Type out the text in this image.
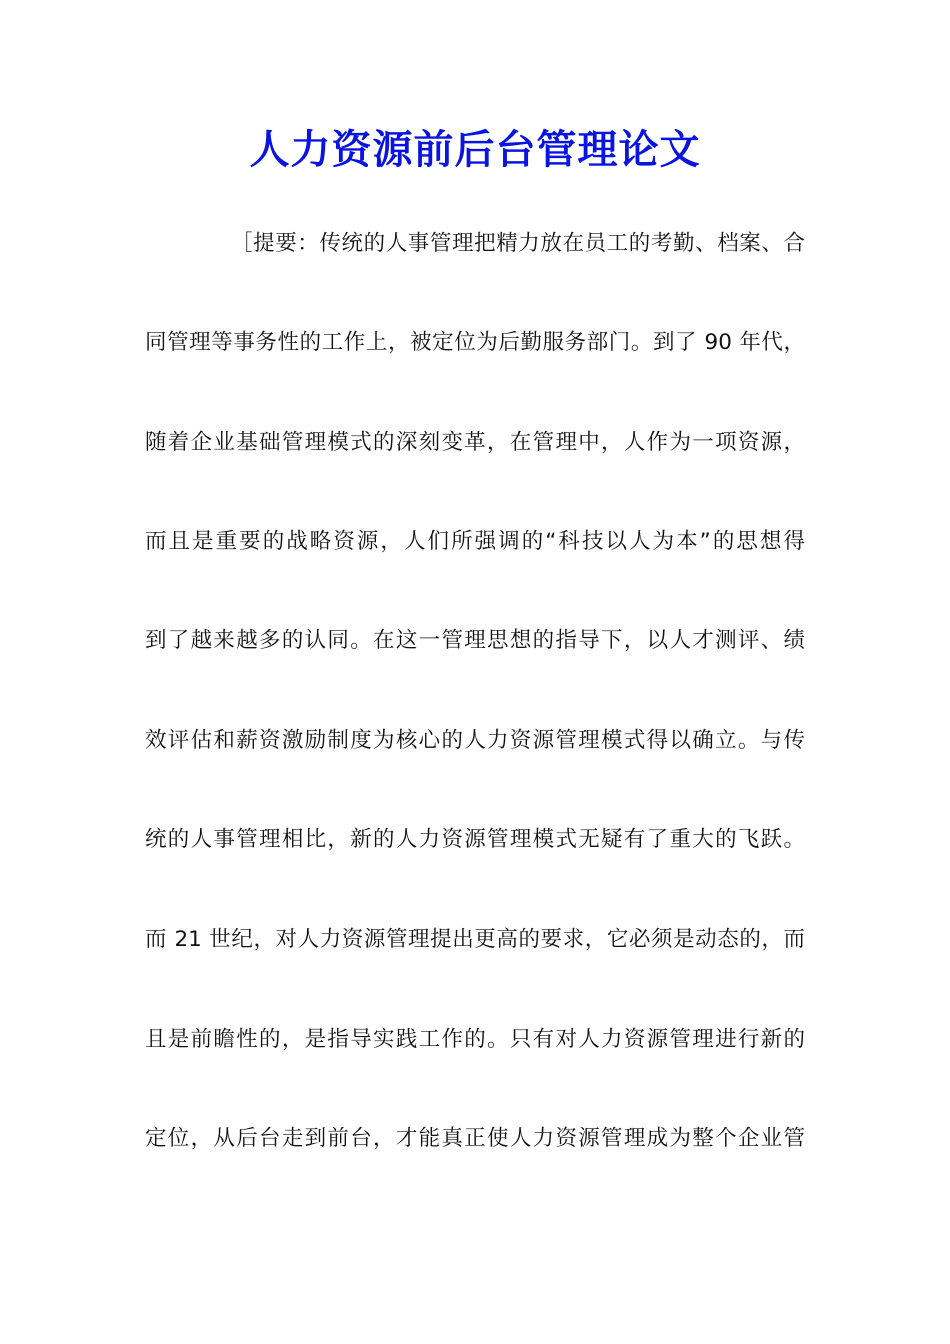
人力资源前后台管理论文
［提要：传统的人事管理把精力放在员工的考勤、档案、合
同管理等事务性的工作上，被定位为后勤服务部门。到了 90 年代，
随着企业基础管理模式的深刻变革，在管理中，人作为一项资源，
而且是重要的战略资源，人们所强调的“科技以人为本”的思想得
到了越来越多的认同。在这一管理思想的指导下，以人才测评、绩
效评估和薪资激励制度为核心的人力资源管理模式得以确立。与传
统的人事管理相比，新的人力资源管理模式无疑有了重大的飞跃。
而 21 世纪，对人力资源管理提出更高的要求，它必须是动态的，而
且是前瞻性的，是指导实践工作的。只有对人力资源管理进行新的
定位，从后台走到前台，才能真正使人力资源管理成为整个企业管
